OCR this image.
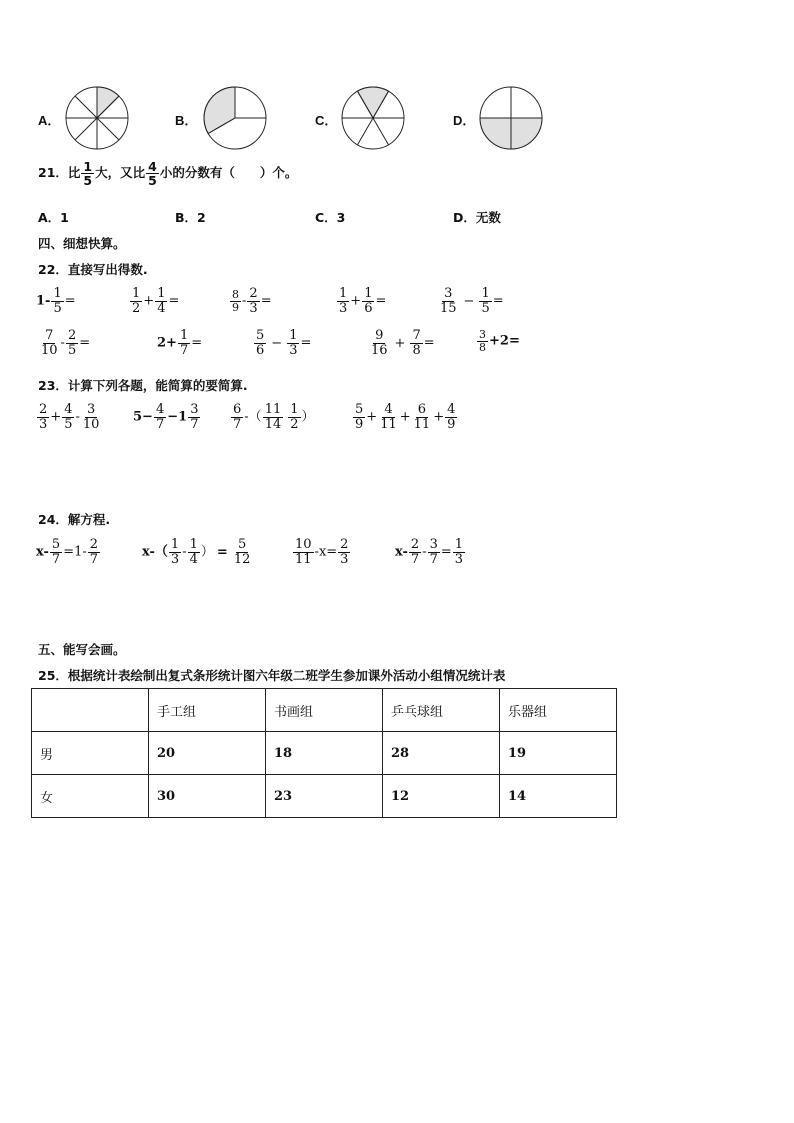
A．	B．	C．	D．
21．比 $\frac{1}{5}$ 大，又比 $\frac{4}{5}$ 小的分数有（　　）个。
A．1	B．2	C．3	D．无数
四、细想快算。
22．直接写出得数.
$1- \frac{1}{5}$ =	$\frac{1}{2} + \frac{1}{4}$ =	$\frac{8}{9} - \frac{2}{3}$ =	$\frac{1}{3} + \frac{1}{6}$ =	$\frac{3}{15} - \frac{1}{5}$ =
$\frac{7}{10} - \frac{2}{5}$ =	$2+ \frac{1}{7}$ =	$\frac{5}{6} - \frac{1}{3}$ =	$\frac{9}{16} + \frac{7}{8}$ =	$\frac{3}{8} +2=$
23．计算下列各题，能简算的要简算.
$\frac{2}{3} + \frac{4}{5} - \frac{3}{10} 5- \frac{4}{7} -1 \frac{3}{7} \frac{6}{7}$ -（ $\frac{11}{14} \frac{1}{2}$ ）	$\frac{5}{9} + \frac{4}{11} + \frac{6}{11} + \frac{4}{9}$
24．解方程.
$x- \frac{5}{7} =1- \frac{2}{7}$	$x-( \frac{1}{3} - \frac{1}{4}$ ） = $\frac{5}{12}$	$\frac{10}{11} -x= \frac{2}{3}$	$x- \frac{2}{7} - \frac{3}{7} = \frac{1}{3}$
五、能写会画。
25．根据统计表绘制出复式条形统计图六年级二班学生参加课外活动小组情况统计表
	手工组	书画组	乒乓球组	乐器组
男	20	18	28	19
女	30	23	12	14
